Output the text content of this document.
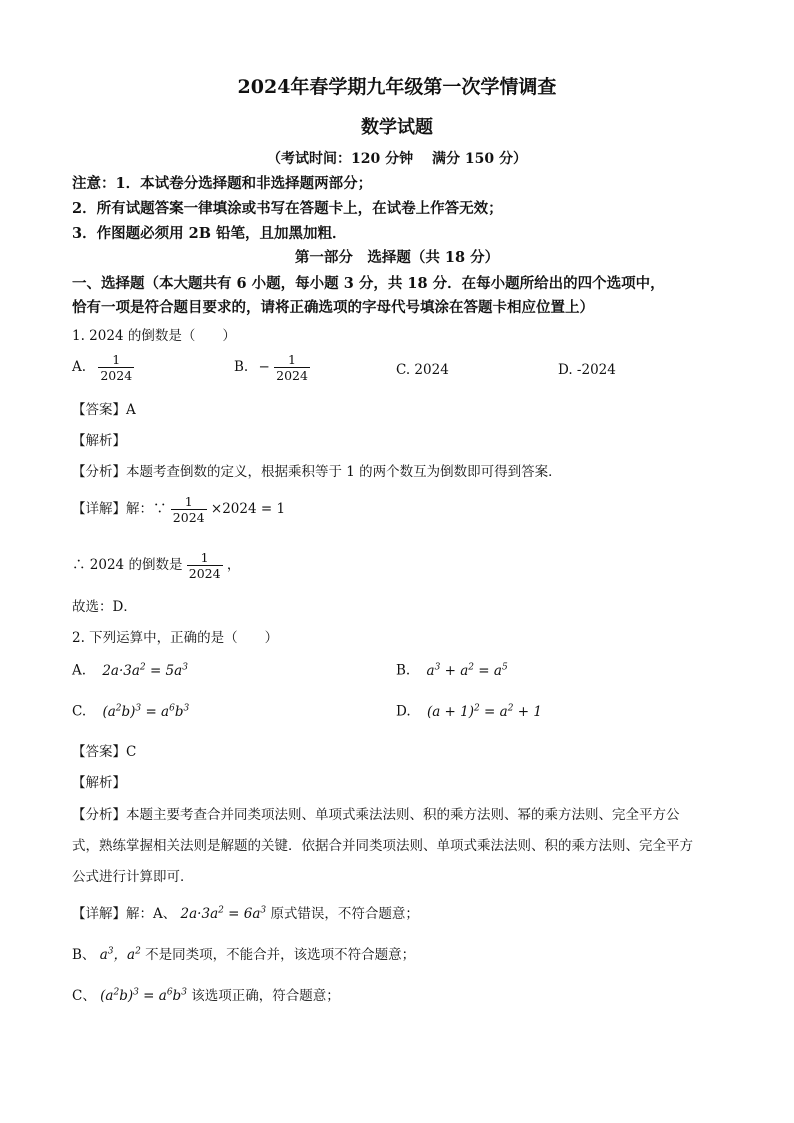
2024年春学期九年级第一次学情调查
数学试题
（考试时间：120 分钟　 满分 150 分）
注意：1．本试卷分选择题和非选择题两部分；
2．所有试题答案一律填涂或书写在答题卡上，在试卷上作答无效；
3．作图题必须用 2B 铅笔，且加黑加粗．
第一部分　选择题（共 18 分）
一、选择题（本大题共有 6 小题，每小题 3 分，共 18 分．在每小题所给出的四个选项中，
恰有一项是符合题目要求的，请将正确选项的字母代号填涂在答题卡相应位置上）
1. 2024 的倒数是（　　）
A. $\frac{1}{2024}$	B. − $\frac{1}{2024}$	C. 2024	D. -2024
【答案】A
【解析】
【分析】本题考查倒数的定义，根据乘积等于 1 的两个数互为倒数即可得到答案．
【详解】解：∵ $\frac{1}{2024} \times 2024 = 1$
∴ 2024 的倒数是 $\frac{1}{2024}$ ，
故选：D．
2. 下列运算中，正确的是（　　）
A. $2a\cdot 3a^2 = 5a^3$	B. $a^3 + a^2 = a^5$
C. $(a^2b)^3 = a^6b^3$	D. $(a + 1)^2 = a^2 + 1$
【答案】C
【解析】
【分析】本题主要考查合并同类项法则、单项式乘法法则、积的乘方法则、幂的乘方法则、完全平方公
式，熟练掌握相关法则是解题的关键．依据合并同类项法则、单项式乘法法则、积的乘方法则、完全平方
公式进行计算即可．
【详解】解：A、 $2a\cdot 3a^2 = 6a^3$ 原式错误，不符合题意；
B、 $a^3$，$a^2$ 不是同类项，不能合并，该选项不符合题意；
C、 $(a^2b)^3 = a^6b^3$ 该选项正确，符合题意；
